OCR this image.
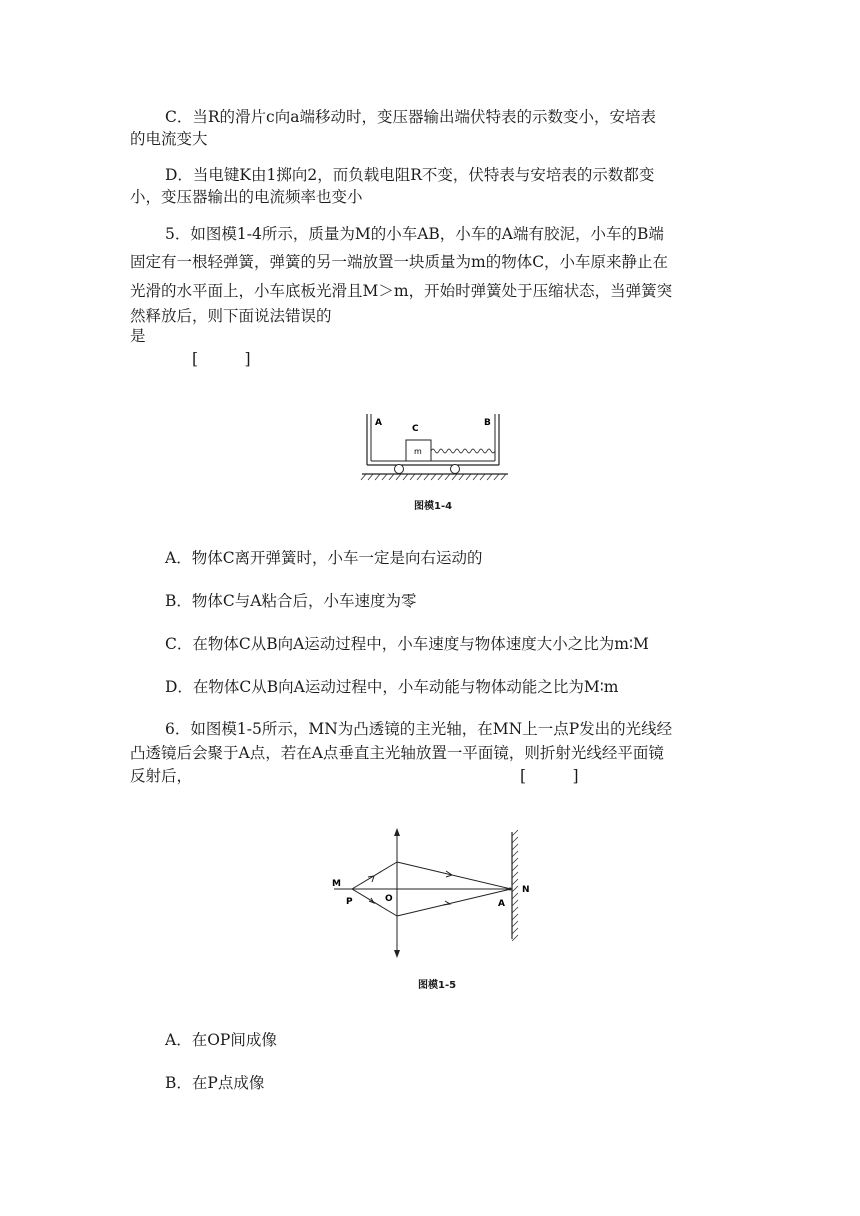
C．当R的滑片c向a端移动时，变压器输出端伏特表的示数变小，安培表
的电流变大
D．当电键K由1掷向2，而负载电阻R不变，伏特表与安培表的示数都变
小，变压器输出的电流频率也变小
5．如图模1-4所示，质量为M的小车AB，小车的A端有胶泥，小车的B端
固定有一根轻弹簧，弹簧的另一端放置一块质量为m的物体C，小车原来静止在
光滑的水平面上，小车底板光滑且M＞m，开始时弹簧处于压缩状态，当弹簧突
然释放后，则下面说法错误的
是
[　　　]
A
C
m
B
图模1-4
A．物体C离开弹簧时，小车一定是向右运动的
B．物体C与A粘合后，小车速度为零
C．在物体C从B向A运动过程中，小车速度与物体速度大小之比为m∶M
D．在物体C从B向A运动过程中，小车动能与物体动能之比为M∶m
6．如图模1-5所示，MN为凸透镜的主光轴，在MN上一点P发出的光线经
凸透镜后会聚于A点，若在A点垂直主光轴放置一平面镜，则折射光线经平面镜
反射后，	[　　　]
M
P	O	A
N
图模1-5
A．在OP间成像
B．在P点成像
